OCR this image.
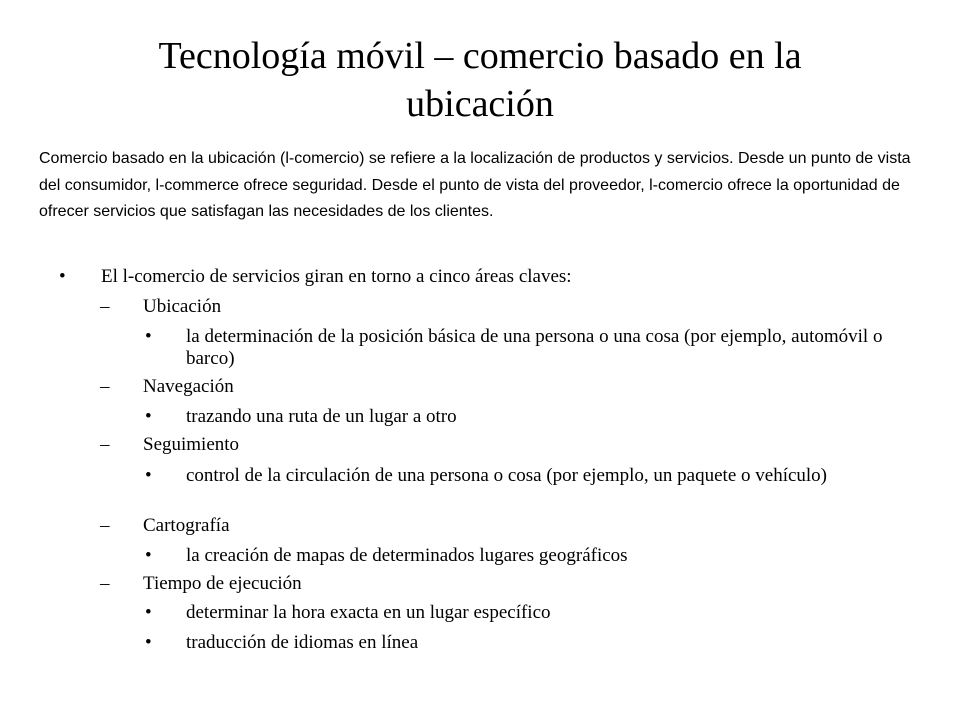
Tecnología móvil – comercio basado en la ubicación
Comercio basado en la ubicación (l-comercio) se refiere a la localización de productos y servicios. Desde un punto de vista del consumidor, l-commerce ofrece seguridad. Desde el punto de vista del proveedor, l-comercio ofrece la oportunidad de ofrecer servicios que satisfagan las necesidades de los clientes.
• El l-comercio de servicios giran en torno a cinco áreas claves:
– Ubicación
• la determinación de la posición básica de una persona o una cosa (por ejemplo, automóvil o barco)
– Navegación
• trazando una ruta de un lugar a otro
– Seguimiento
• control de la circulación de una persona o cosa (por ejemplo, un paquete o vehículo)
– Cartografía
• la creación de mapas de determinados lugares geográficos
– Tiempo de ejecución
• determinar la hora exacta en un lugar específico
• traducción de idiomas en línea
